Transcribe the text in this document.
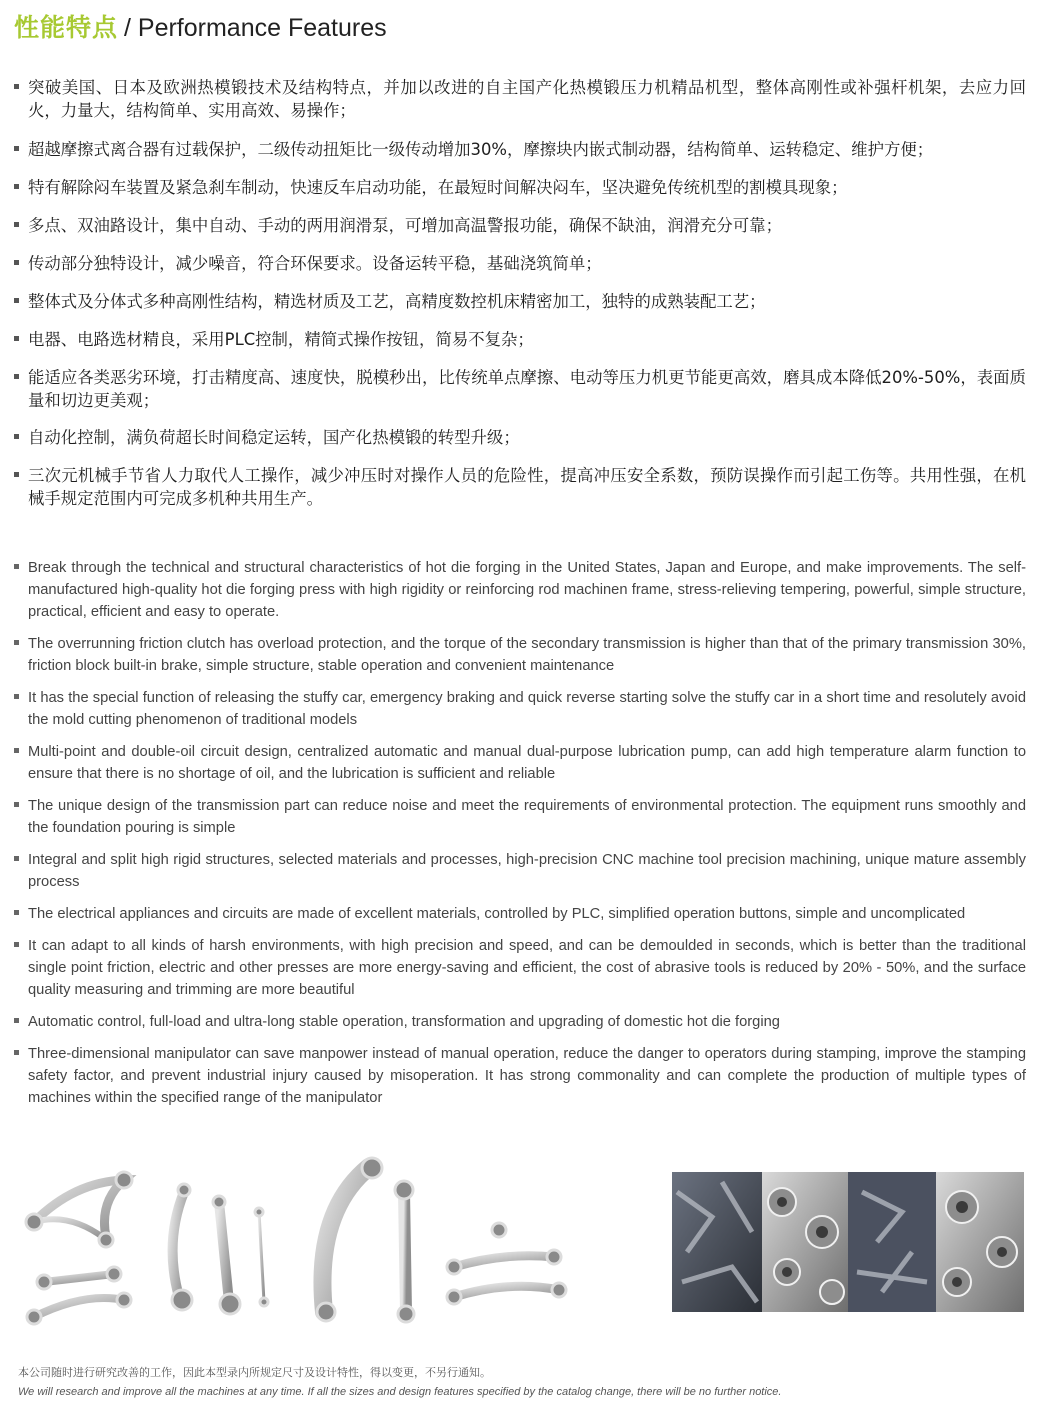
性能特点 / Performance Features
突破美国、日本及欧洲热模锻技术及结构特点，并加以改进的自主国产化热模锻压力机精品机型，整体高刚性或补强杆机架，去应力回火，力量大，结构简单、实用高效、易操作；
超越摩擦式离合器有过载保护，二级传动扭矩比一级传动增加30%，摩擦块内嵌式制动器，结构简单、运转稳定、维护方便；
特有解除闷车装置及紧急刹车制动，快速反车启动功能，在最短时间解决闷车，坚决避免传统机型的割模具现象；
多点、双油路设计，集中自动、手动的两用润滑泵，可增加高温警报功能，确保不缺油，润滑充分可靠；
传动部分独特设计，减少噪音，符合环保要求。设备运转平稳，基础浇筑简单；
整体式及分体式多种高刚性结构，精选材质及工艺，高精度数控机床精密加工，独特的成熟装配工艺；
电器、电路选材精良，采用PLC控制，精简式操作按钮，简易不复杂；
能适应各类恶劣环境，打击精度高、速度快，脱模秒出，比传统单点摩擦、电动等压力机更节能更高效，磨具成本降低20%-50%，表面质量和切边更美观；
自动化控制，满负荷超长时间稳定运转，国产化热模锻的转型升级；
三次元机械手节省人力取代人工操作，减少冲压时对操作人员的危险性，提高冲压安全系数，预防误操作而引起工伤等。共用性强，在机械手规定范围内可完成多机种共用生产。
Break through the technical and structural characteristics of hot die forging in the United States, Japan and Europe, and make improvements. The self-manufactured high-quality hot die forging press with high rigidity or reinforcing rod machinen frame, stress-relieving tempering, powerful, simple structure, practical, efficient and easy to operate.
The overrunning friction clutch has overload protection, and the torque of the secondary transmission is higher than that of the primary transmission 30%, friction block built-in brake, simple structure, stable operation and convenient maintenance
It has the special function of releasing the stuffy car, emergency braking and quick reverse starting solve the stuffy car in a short time and resolutely avoid the mold cutting phenomenon of traditional models
Multi-point and double-oil circuit design, centralized automatic and manual dual-purpose lubrication pump, can add high temperature alarm function to ensure that there is no shortage of oil, and the lubrication is sufficient and reliable
The unique design of the transmission part can reduce noise and meet the requirements of environmental protection. The equipment runs smoothly and the foundation pouring is simple
Integral and split high rigid structures, selected materials and processes, high-precision CNC machine tool precision machining, unique mature assembly process
The electrical appliances and circuits are made of excellent materials, controlled by PLC, simplified operation buttons, simple and uncomplicated
It can adapt to all kinds of harsh environments, with high precision and speed, and can be demoulded in seconds, which is better than the traditional single point friction, electric and other presses are more energy-saving and efficient, the cost of abrasive tools is reduced by 20% - 50%, and the surface quality measuring and trimming are more beautiful
Automatic control, full-load and ultra-long stable operation, transformation and upgrading of domestic hot die forging
Three-dimensional manipulator can save manpower instead of manual operation, reduce the danger to operators during stamping, improve the stamping safety factor, and prevent industrial injury caused by misoperation. It has strong commonality and can complete the production of multiple types of machines within the specified range of the manipulator
本公司随时进行研究改善的工作，因此本型录内所规定尺寸及设计特性，得以变更，不另行通知。
We will research and improve all the machines at any time. If all the sizes and design features specified by the catalog change, there will be no further notice.
